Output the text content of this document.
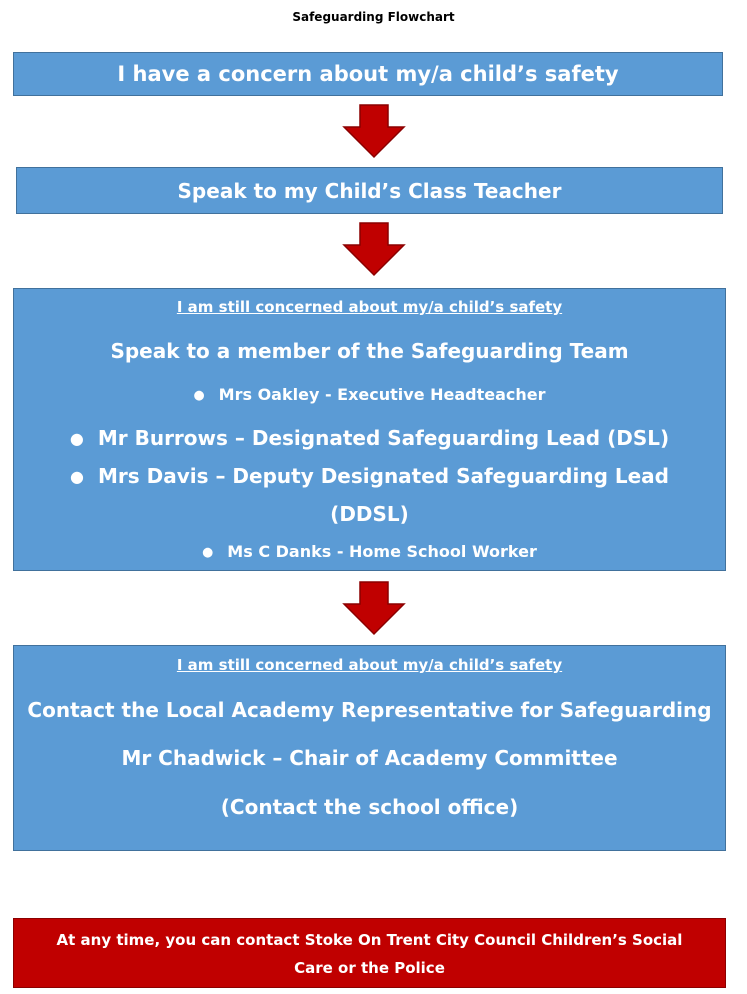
Safeguarding Flowchart
I have a concern about my/a child’s safety
Speak to my Child’s Class Teacher
I am still concerned about my/a child’s safety
Speak to a member of the Safeguarding Team
● Mrs Oakley - Executive Headteacher
● Mr Burrows – Designated Safeguarding Lead (DSL)
● Mrs Davis – Deputy Designated Safeguarding Lead
(DDSL)
● Ms C Danks - Home School Worker
I am still concerned about my/a child’s safety
Contact the Local Academy Representative for Safeguarding
Mr Chadwick – Chair of Academy Committee
(Contact the school office)
At any time, you can contact Stoke On Trent City Council Children’s Social
Care or the Police
